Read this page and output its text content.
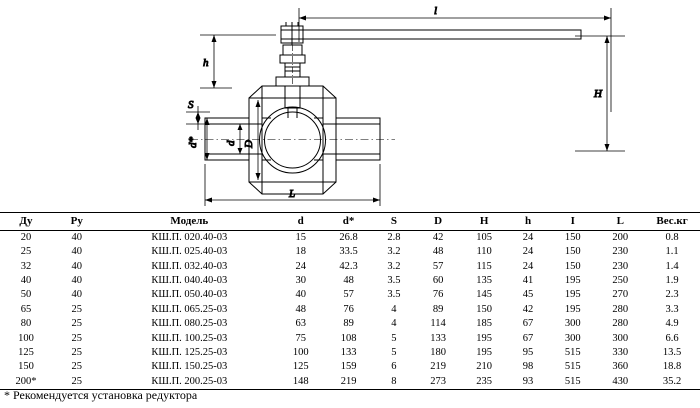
l
H
h
S
d* d D
L
Ду	Ру	Модель	d	d*	S	D	H	h	I	L	Вес.кг
20	40	КШ.П. 020.40-03	15	26.8	2.8	42	105	24	150	200	0.8
25	40	КШ.П. 025.40-03	18	33.5	3.2	48	110	24	150	230	1.1
32	40	КШ.П. 032.40-03	24	42.3	3.2	57	115	24	150	230	1.4
40	40	КШ.П. 040.40-03	30	48	3.5	60	135	41	195	250	1.9
50	40	КШ.П. 050.40-03	40	57	3.5	76	145	45	195	270	2.3
65	25	КШ.П. 065.25-03	48	76	4	89	150	42	195	280	3.3
80	25	КШ.П. 080.25-03	63	89	4	114	185	67	300	280	4.9
100	25	КШ.П. 100.25-03	75	108	5	133	195	67	300	300	6.6
125	25	КШ.П. 125.25-03	100	133	5	180	195	95	515	330	13.5
150	25	КШ.П. 150.25-03	125	159	6	219	210	98	515	360	18.8
200*	25	КШ.П. 200.25-03	148	219	8	273	235	93	515	430	35.2
* Рекомендуется установка редуктора
